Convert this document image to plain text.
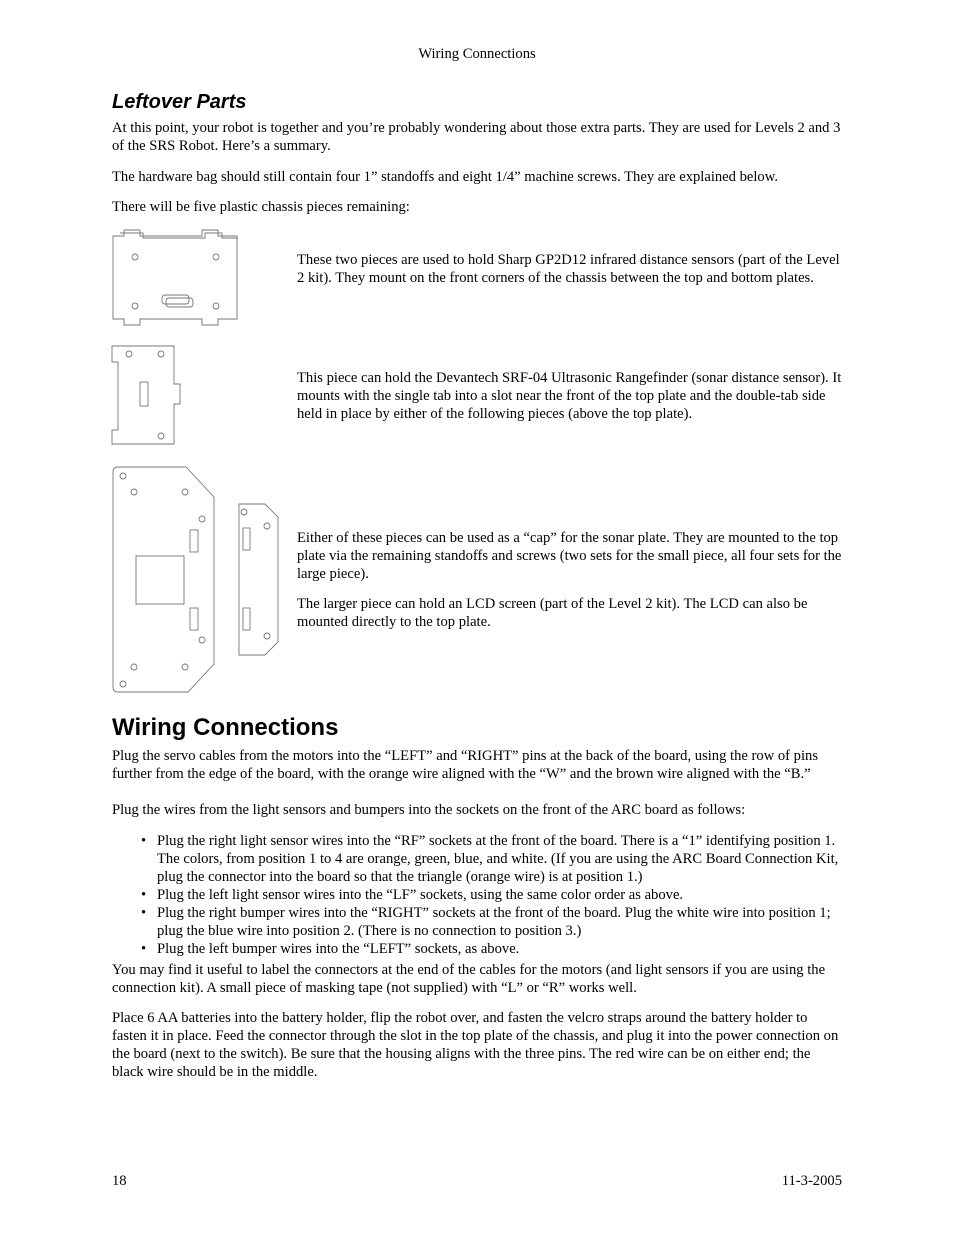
Wiring Connections
Leftover Parts

At this point, your robot is together and you’re probably wondering about those extra parts. They are used for Levels 2 and 3 of the SRS Robot. Here’s a summary.

The hardware bag should still contain four 1” standoffs and eight 1/4” machine screws. They are explained below.

There will be five plastic chassis pieces remaining:

These two pieces are used to hold Sharp GP2D12 infrared distance sensors (part of the Level 2 kit). They mount on the front corners of the chassis between the top and bottom plates.

This piece can hold the Devantech SRF-04 Ultrasonic Rangefinder (sonar distance sensor). It mounts with the single tab into a slot near the front of the top plate and the double-tab side held in place by either of the following pieces (above the top plate).

Either of these pieces can be used as a “cap” for the sonar plate. They are mounted to the top plate via the remaining standoffs and screws (two sets for the small piece, all four sets for the large piece).

The larger piece can hold an LCD screen (part of the Level 2 kit). The LCD can also be mounted directly to the top plate.

Wiring Connections

Plug the servo cables from the motors into the “LEFT” and “RIGHT” pins at the back of the board, using the row of pins further from the edge of the board, with the orange wire aligned with the “W” and the brown wire aligned with the “B.”

Plug the wires from the light sensors and bumpers into the sockets on the front of the ARC board as follows:

• Plug the right light sensor wires into the “RF” sockets at the front of the board. There is a “1” identifying position 1. The colors, from position 1 to 4 are orange, green, blue, and white. (If you are using the ARC Board Connection Kit, plug the connector into the board so that the triangle (orange wire) is at position 1.)
• Plug the left light sensor wires into the “LF” sockets, using the same color order as above.
• Plug the right bumper wires into the “RIGHT” sockets at the front of the board. Plug the white wire into position 1; plug the blue wire into position 2. (There is no connection to position 3.)
• Plug the left bumper wires into the “LEFT” sockets, as above.

You may find it useful to label the connectors at the end of the cables for the motors (and light sensors if you are using the connection kit). A small piece of masking tape (not supplied) with “L” or “R” works well.

Place 6 AA batteries into the battery holder, flip the robot over, and fasten the velcro straps around the battery holder to fasten it in place. Feed the connector through the slot in the top plate of the chassis, and plug it into the power connection on the board (next to the switch). Be sure that the housing aligns with the three pins. The red wire can be on either end; the black wire should be in the middle.

18	11-3-2005
